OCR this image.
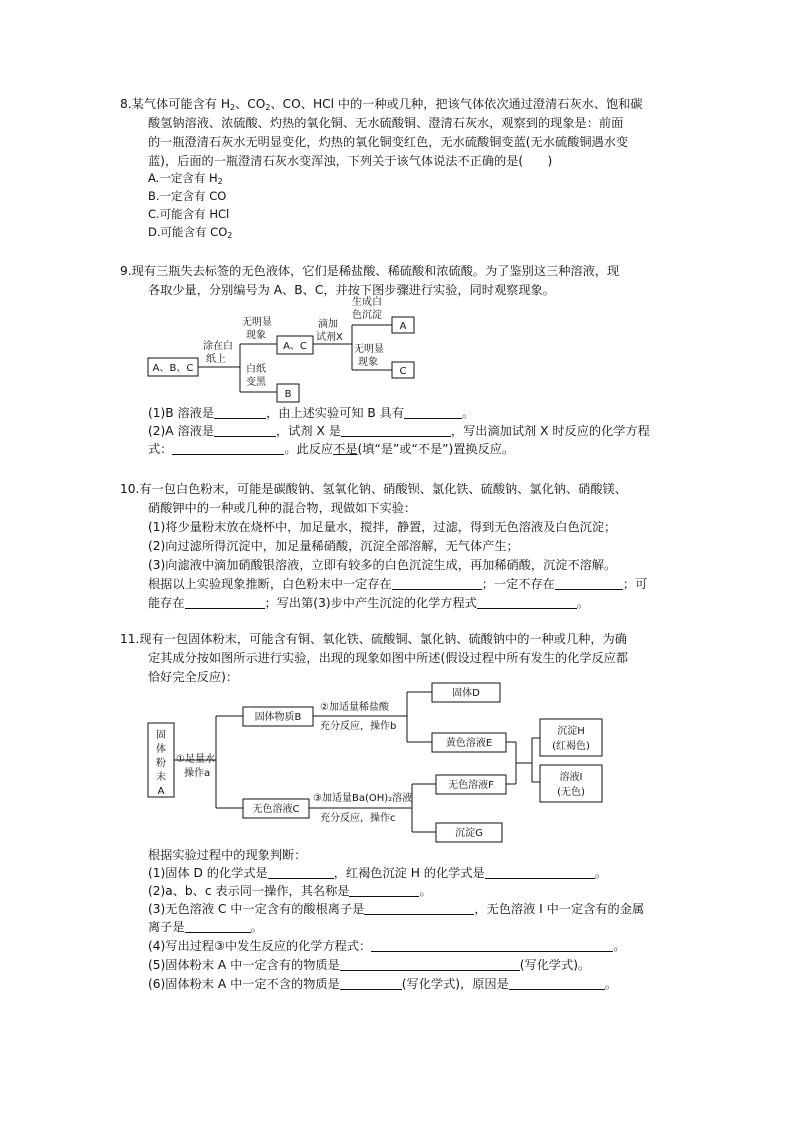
8.某气体可能含有 $H_2$、$CO_2$、CO、HCl 中的一种或几种，把该气体依次通过澄清石灰水、饱和碳
酸氢钠溶液、浓硫酸、灼热的氧化铜、无水硫酸铜、澄清石灰水，观察到的现象是：前面
的一瓶澄清石灰水无明显变化，灼热的氧化铜变红色，无水硫酸铜变蓝(无水硫酸铜遇水变
蓝)，后面的一瓶澄清石灰水变浑浊，下列关于该气体说法不正确的是(　　)
A.一定含有 $H_2$
B.一定含有 CO
C.可能含有 HCl
D.可能含有 $CO_2$
9.现有三瓶失去标签的无色液体，它们是稀盐酸、稀硫酸和浓硫酸。为了鉴别这三种溶液，现
各取少量，分别编号为 A、B、C，并按下图步骤进行实验，同时观察现象。
A、B、C
涂在白
纸上
无明显
现象
白纸
变黑
A、C
B
滴加
试剂X
生成白
色沉淀
无明显
现象
A
C
(1)B 溶液是	，由上述实验可知 B 具有	。
(2)A 溶液是	，试剂 X 是	，写出滴加试剂 X 时反应的化学方程
式：	。此反应不是(填“是”或“不是”)置换反应。
10.有一包白色粉末，可能是碳酸钠、氢氧化钠、硝酸钡、氯化铁、硫酸钠、氯化钠、硝酸镁、
硝酸钾中的一种或几种的混合物，现做如下实验：
(1)将少量粉末放在烧杯中，加足量水，搅拌，静置，过滤，得到无色溶液及白色沉淀；
(2)向过滤所得沉淀中，加足量稀硝酸，沉淀全部溶解，无气体产生；
(3)向滤液中滴加硝酸银溶液，立即有较多的白色沉淀生成，再加稀硝酸，沉淀不溶解。
根据以上实验现象推断，白色粉末中一定存在	；一定不存在	；可
能存在	；写出第(3)步中产生沉淀的化学方程式	。
11.现有一包固体粉末，可能含有铜、氧化铁、硫酸铜、氯化钠、硫酸钠中的一种或几种，为确
定其成分按如图所示进行实验，出现的现象如图中所述(假设过程中所有发生的化学反应都
恰好完全反应)：
固
体
粉
末
A
①足量水
操作a
固体物质B
无色溶液C
②加适量稀盐酸
充分反应，操作b
固体D
黄色溶液E
③加适量Ba(OH)₂溶液
充分反应，操作c
无色溶液F
沉淀G
沉淀H
(红褐色)
溶液I
(无色)
根据实验过程中的现象判断：
(1)固体 D 的化学式是	，红褐色沉淀 H 的化学式是	。
(2)a、b、c 表示同一操作，其名称是	。
(3)无色溶液 C 中一定含有的酸根离子是	，无色溶液 I 中一定含有的金属
离子是	。
(4)写出过程③中发生反应的化学方程式：	。
(5)固体粉末 A 中一定含有的物质是	(写化学式)。
(6)固体粉末 A 中一定不含的物质是	(写化学式)，原因是	。
